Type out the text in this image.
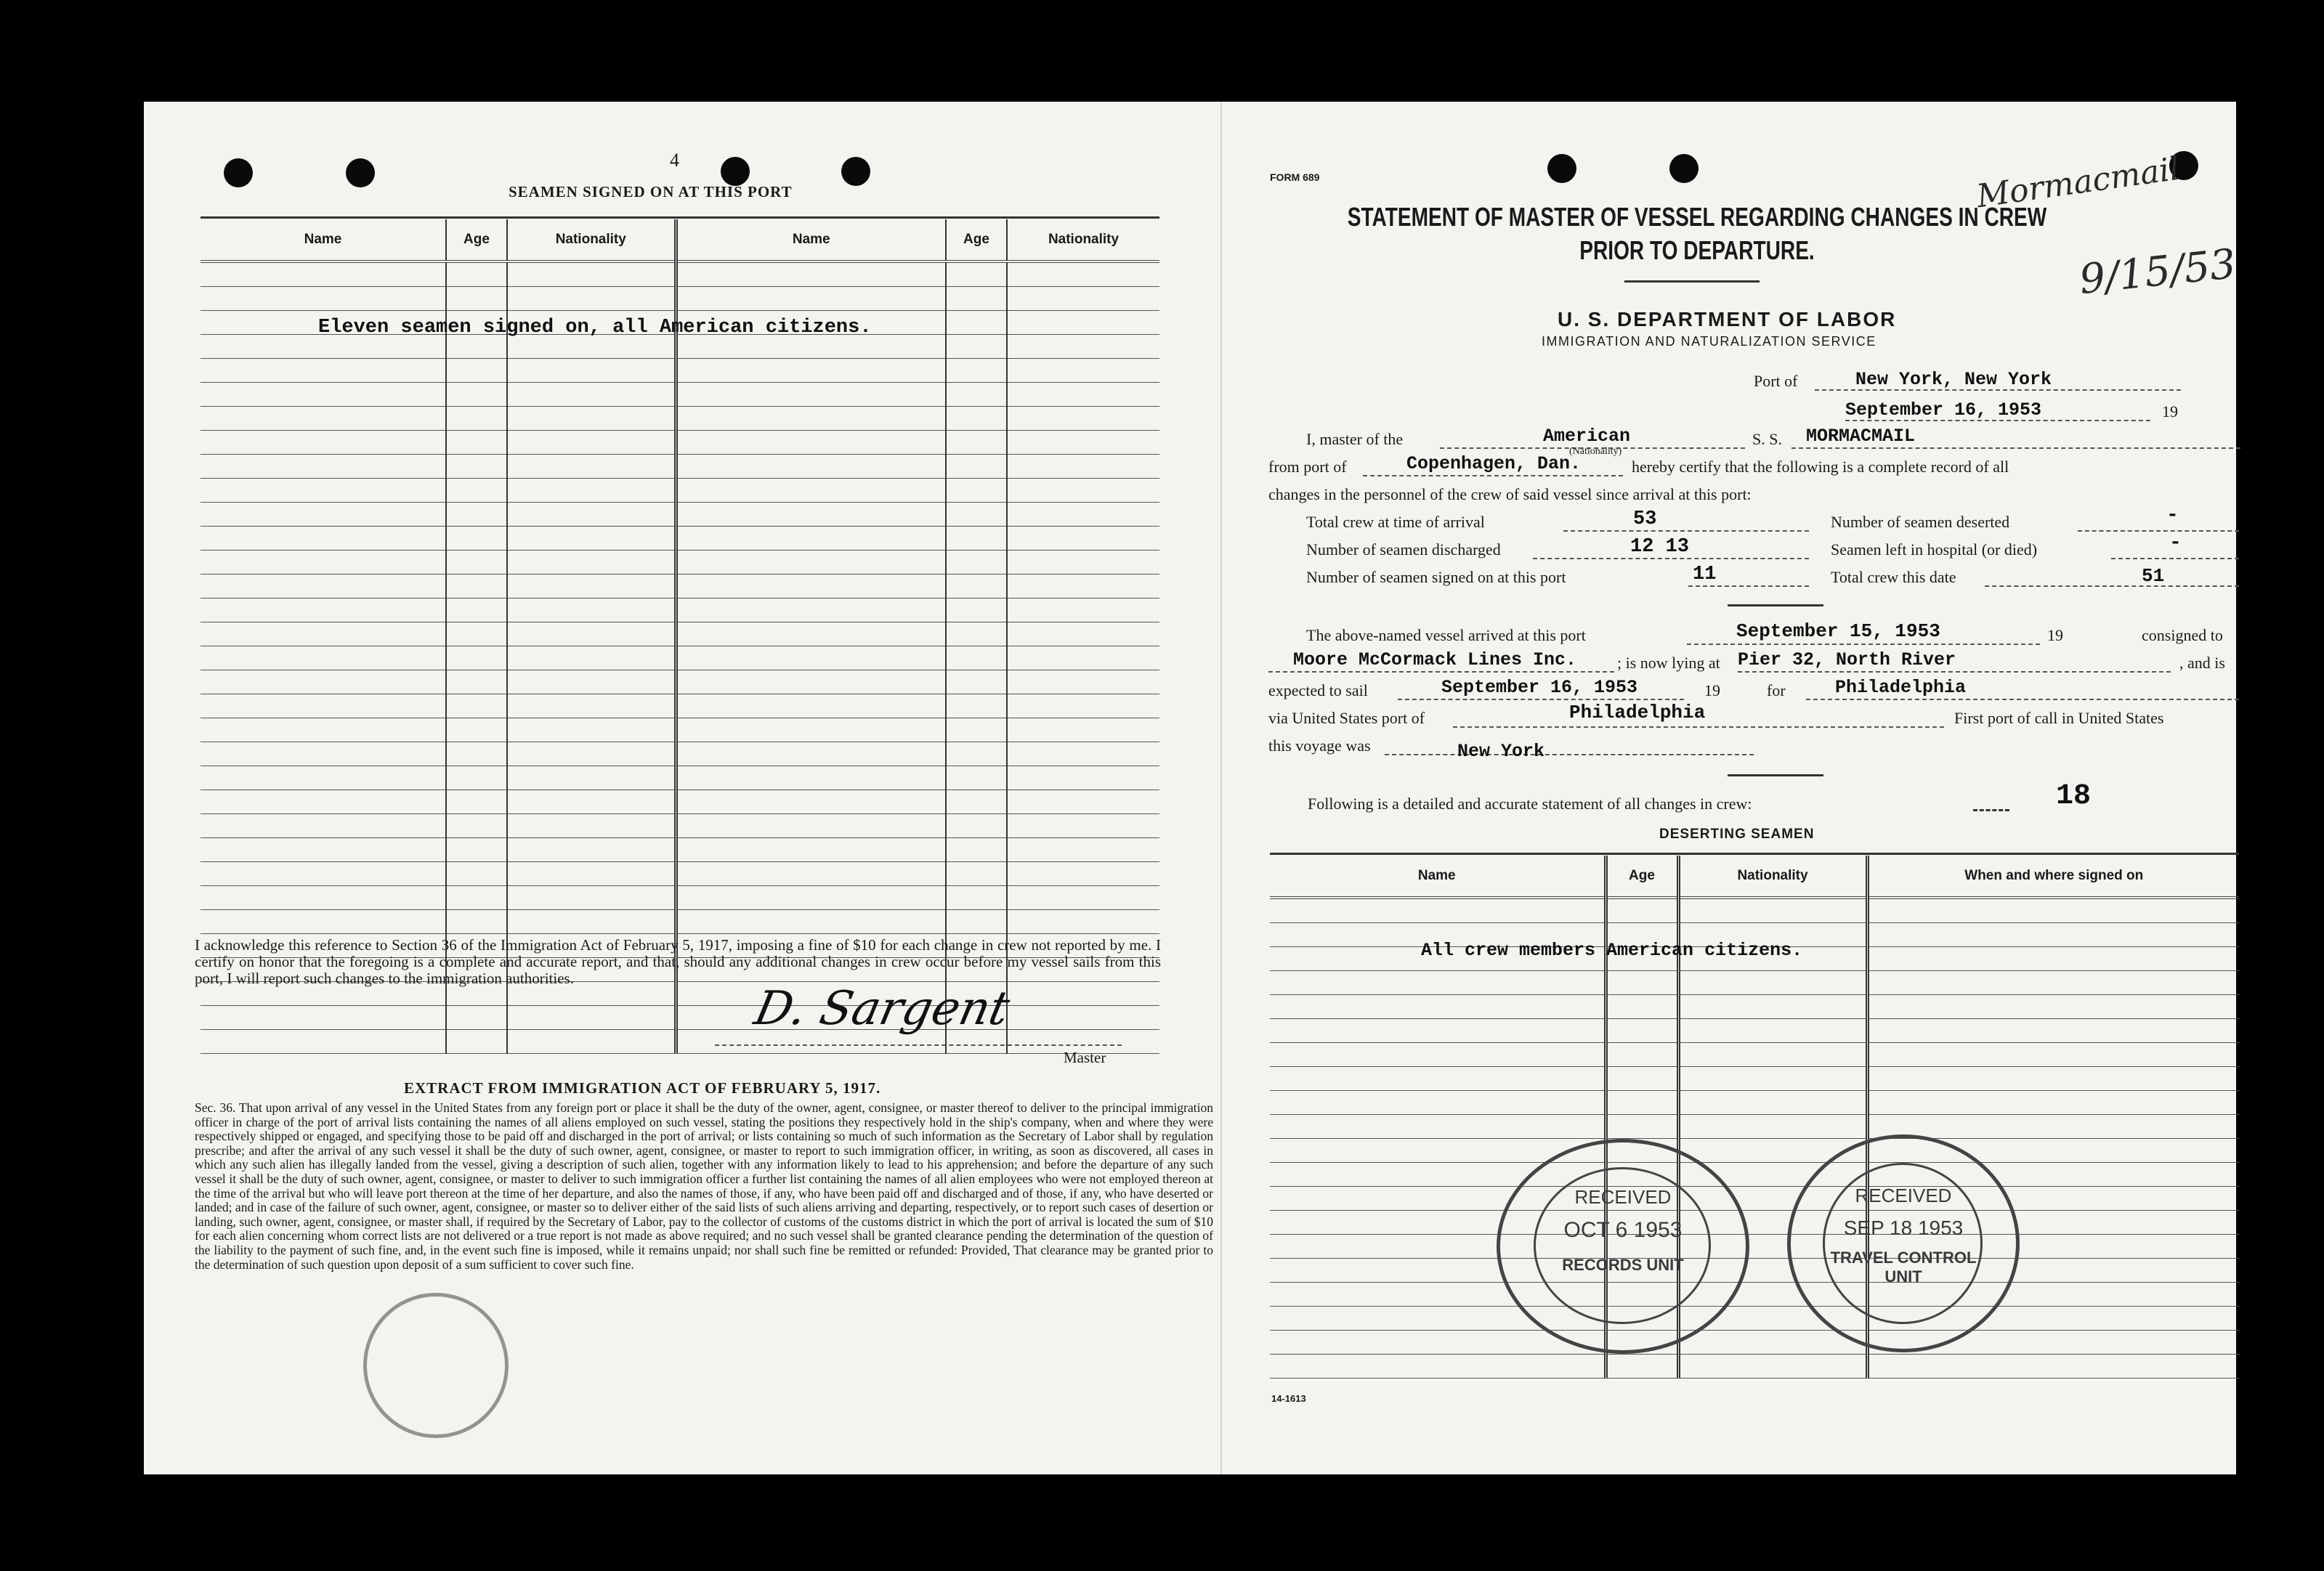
4
SEAMEN SIGNED ON AT THIS PORT
Name	Age	Nationality	Name	Age	Nationality

Eleven seamen signed on, all American citizens.
I acknowledge this reference to Section 36 of the Immigration Act of February 5, 1917, imposing a fine of $10 for each change in crew not reported by me. I certify on honor that the foregoing is a complete and accurate report, and that, should any additional changes in crew occur before my vessel sails from this port, I will report such changes to the immigration authorities.
D. Sargent
Master
EXTRACT FROM IMMIGRATION ACT OF FEBRUARY 5, 1917.
Sec. 36. That upon arrival of any vessel in the United States from any foreign port or place it shall be the duty of the owner, agent, consignee, or master thereof to deliver to the principal immigration officer in charge of the port of arrival lists containing the names of all aliens employed on such vessel, stating the positions they respectively hold in the ship's company, when and where they were respectively shipped or engaged, and specifying those to be paid off and discharged in the port of arrival; or lists containing so much of such information as the Secretary of Labor shall by regulation prescribe; and after the arrival of any such vessel it shall be the duty of such owner, agent, consignee, or master to report to such immigration officer, in writing, as soon as discovered, all cases in which any such alien has illegally landed from the vessel, giving a description of such alien, together with any information likely to lead to his apprehension; and before the departure of any such vessel it shall be the duty of such owner, agent, consignee, or master to deliver to such immigration officer a further list containing the names of all alien employees who were not employed thereon at the time of the arrival but who will leave port thereon at the time of her departure, and also the names of those, if any, who have been paid off and discharged and of those, if any, who have deserted or landed; and in case of the failure of such owner, agent, consignee, or master so to deliver either of the said lists of such aliens arriving and departing, respectively, or to report such cases of desertion or landing, such owner, agent, consignee, or master shall, if required by the Secretary of Labor, pay to the collector of customs of the customs district in which the port of arrival is located the sum of $10 for each alien concerning whom correct lists are not delivered or a true report is not made as above required; and no such vessel shall be granted clearance pending the determination of the question of the liability to the payment of such fine, and, in the event such fine is imposed, while it remains unpaid; nor shall such fine be remitted or refunded: Provided, That clearance may be granted prior to the determination of such question upon deposit of a sum sufficient to cover such fine.
FORM 689
STATEMENT OF MASTER OF VESSEL REGARDING CHANGES IN CREW
PRIOR TO DEPARTURE.
Mormacmail
9/15/53
U. S. DEPARTMENT OF LABOR
IMMIGRATION AND NATURALIZATION SERVICE
Port of	New York, New York
September 16, 1953	19
I, master of the	American
(Nationality)
S. S. MORMACMAIL
from port of	Copenhagen, Dan.	hereby certify that the following is a complete record of all
changes in the personnel of the crew of said vessel since arrival at this port:
Total crew at time of arrival	53	Number of seamen deserted	-
Number of seamen discharged	12 13	Seamen left in hospital (or died)	-
Number of seamen signed on at this port	11	Total crew this date	51
The above-named vessel arrived at this port	September 15, 1953	19	consigned to
Moore McCormack Lines Inc.	; is now lying at Pier 32, North River	, and is
expected to sail	September 16, 1953	19	for	Philadelphia
via United States port of	Philadelphia	First port of call in United States
this voyage was	New York
Following is a detailed and accurate statement of all changes in crew:	18
DESERTING SEAMEN
Name	Age	Nationality	When and where signed on

All crew members American citizens.
RECEIVED
OCT 6 1953
RECORDS UNIT
RECEIVED
SEP 18 1953
TRAVEL CONTROL UNIT
14-1613
